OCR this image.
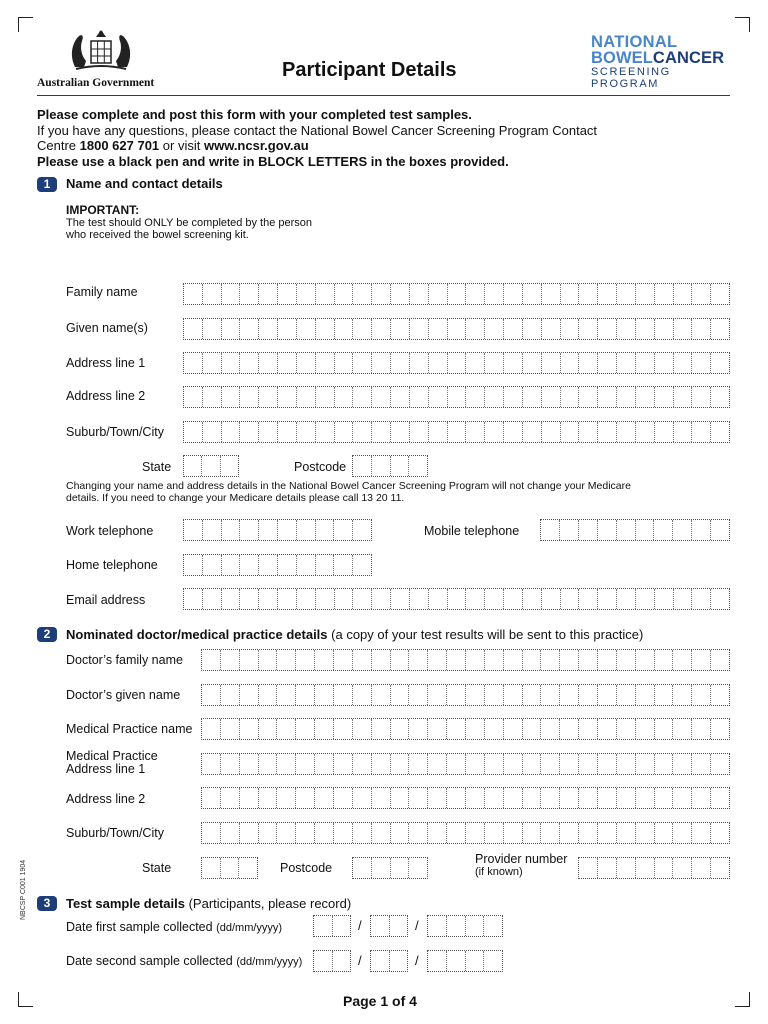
Australian Government
Participant Details
NATIONAL
BOWELCANCER
SCREENING PROGRAM
Please complete and post this form with your completed test samples.
If you have any questions, please contact the National Bowel Cancer Screening Program Contact
Centre 1800 627 701 or visit www.ncsr.gov.au
Please use a black pen and write in BLOCK LETTERS in the boxes provided.
1	Name and contact details
IMPORTANT:
The test should ONLY be completed by the person
who received the bowel screening kit.
Family name
Given name(s)
Address line 1
Address line 2
Suburb/Town/City
State	Postcode
Changing your name and address details in the National Bowel Cancer Screening Program will not change your Medicare
details. If you need to change your Medicare details please call 13 20 11.
Work telephone	Mobile telephone
Home telephone
Email address
2	Nominated doctor/medical practice details (a copy of your test results will be sent to this practice)
Doctor’s family name
Doctor’s given name
Medical Practice name
Medical Practice
Address line 1
Address line 2
Suburb/Town/City
State	Postcode
Provider number
(if known)
NBCSP C001 1904	3	Test sample details (Participants, please record)
Date first sample collected (dd/mm/yyyy)	/	/
Date second sample collected (dd/mm/yyyy)	/	/
Page 1 of 4
